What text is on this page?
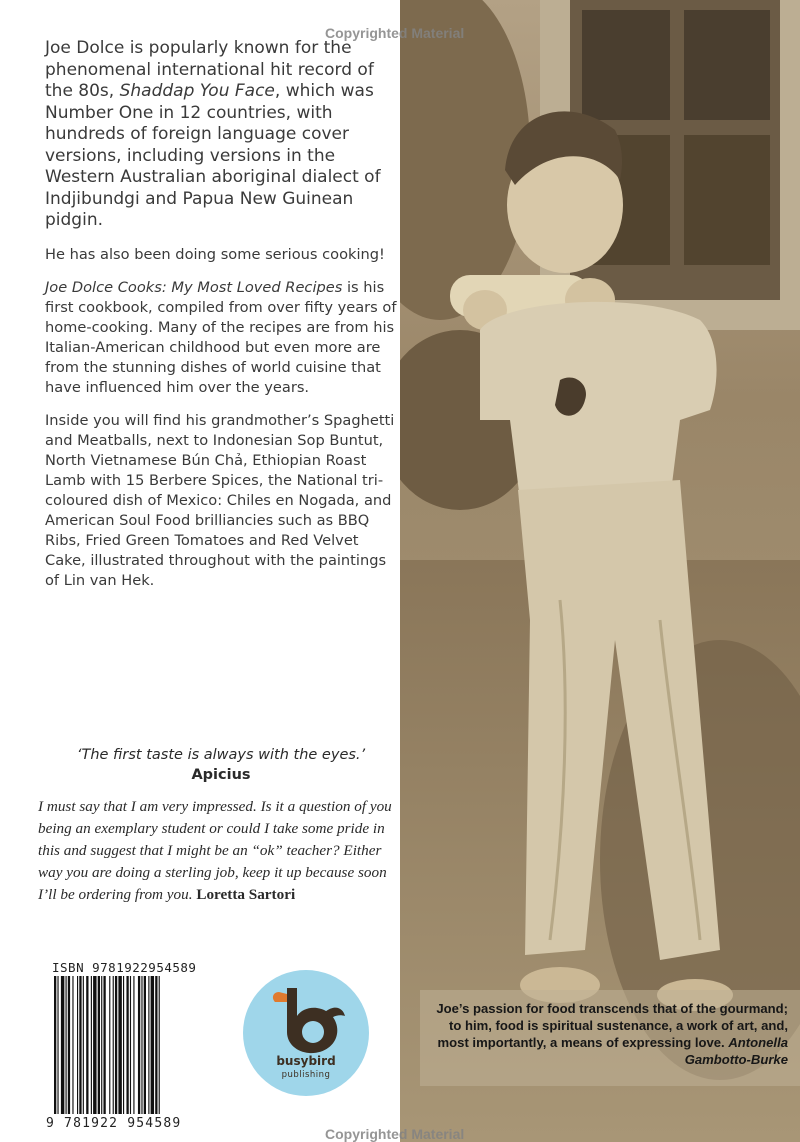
Joe Dolce is popularly known for the phenomenal international hit record of the 80s, Shaddap You Face, which was Number One in 12 countries, with hundreds of foreign language cover versions, including versions in the Western Australian aboriginal dialect of Indjibundgi and Papua New Guinean pidgin.

He has also been doing some serious cooking!

Joe Dolce Cooks: My Most Loved Recipes is his first cookbook, compiled from over fifty years of home-cooking. Many of the recipes are from his Italian-American childhood but even more are from the stunning dishes of world cuisine that have influenced him over the years.

Inside you will find his grandmother’s Spaghetti and Meatballs, next to Indonesian Sop Buntut, North Vietnamese Bún Chả, Ethiopian Roast Lamb with 15 Berbere Spices, the National tri-coloured dish of Mexico: Chiles en Nogada, and American Soul Food brilliancies such as BBQ Ribs, Fried Green Tomatoes and Red Velvet Cake, illustrated throughout with the paintings of Lin van Hek.

‘The first taste is always with the eyes.’
Apicius
I must say that I am very impressed. Is it a question of you being an exemplary student or could I take some pride in this and suggest that I might be an “ok” teacher? Either way you are doing a sterling job, keep it up because soon I’ll be ordering from you. Loretta Sartori
ISBN 9781922954589
9 781922 954589
busybird
publishing
Joe’s passion for food transcends that of the gourmand; to him, food is spiritual sustenance, a work of art, and, most importantly, a means of expressing love. Antonella Gambotto-Burke
Copyrighted Material
Copyrighted Material
